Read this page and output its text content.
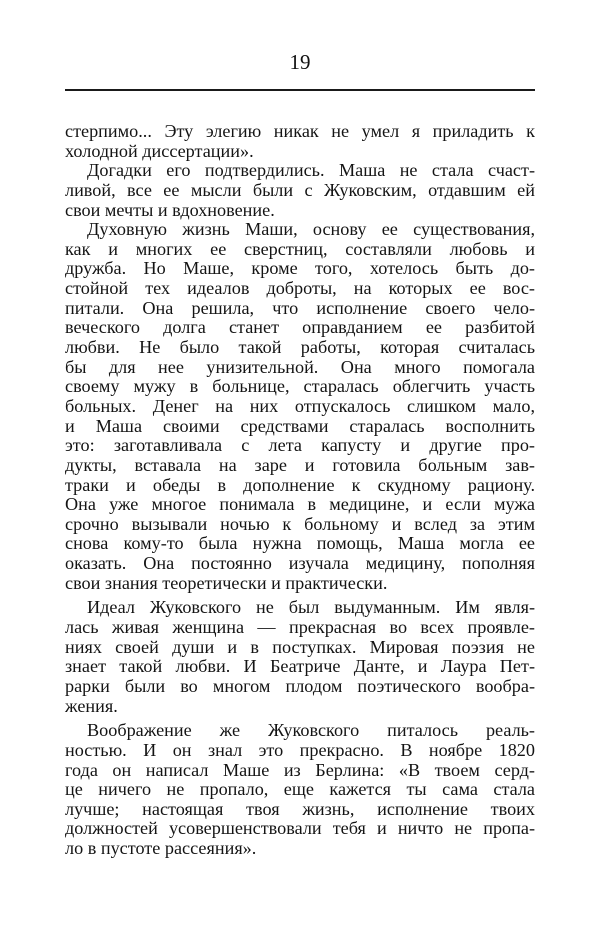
19
стерпимо... Эту элегию никак не умел я приладить к
холодной диссертации».
Догадки его подтвердились. Маша не стала счаст-
ливой, все ее мысли были с Жуковским, отдавшим ей
свои мечты и вдохновение.
Духовную жизнь Маши, основу ее существования,
как и многих ее сверстниц, составляли любовь и
дружба. Но Маше, кроме того, хотелось быть до-
стойной тех идеалов доброты, на которых ее вос-
питали. Она решила, что исполнение своего чело-
веческого долга станет оправданием ее разбитой
любви. Не было такой работы, которая считалась
бы для нее унизительной. Она много помогала
своему мужу в больнице, старалась облегчить участь
больных. Денег на них отпускалось слишком мало,
и Маша своими средствами старалась восполнить
это: заготавливала с лета капусту и другие про-
дукты, вставала на заре и готовила больным зав-
траки и обеды в дополнение к скудному рациону.
Она уже многое понимала в медицине, и если мужа
срочно вызывали ночью к больному и вслед за этим
снова кому-то была нужна помощь, Маша могла ее
оказать. Она постоянно изучала медицину, пополняя
свои знания теоретически и практически.
Идеал Жуковского не был выдуманным. Им явля-
лась живая женщина — прекрасная во всех проявле-
ниях своей души и в поступках. Мировая поэзия не
знает такой любви. И Беатриче Данте, и Лаура Пет-
рарки были во многом плодом поэтического вообра-
жения.
Воображение же Жуковского питалось реаль-
ностью. И он знал это прекрасно. В ноябре 1820
года он написал Маше из Берлина: «В твоем серд-
це ничего не пропало, еще кажется ты сама стала
лучше; настоящая твоя жизнь, исполнение твоих
должностей усовершенствовали тебя и ничто не пропа-
ло в пустоте рассеяния».
